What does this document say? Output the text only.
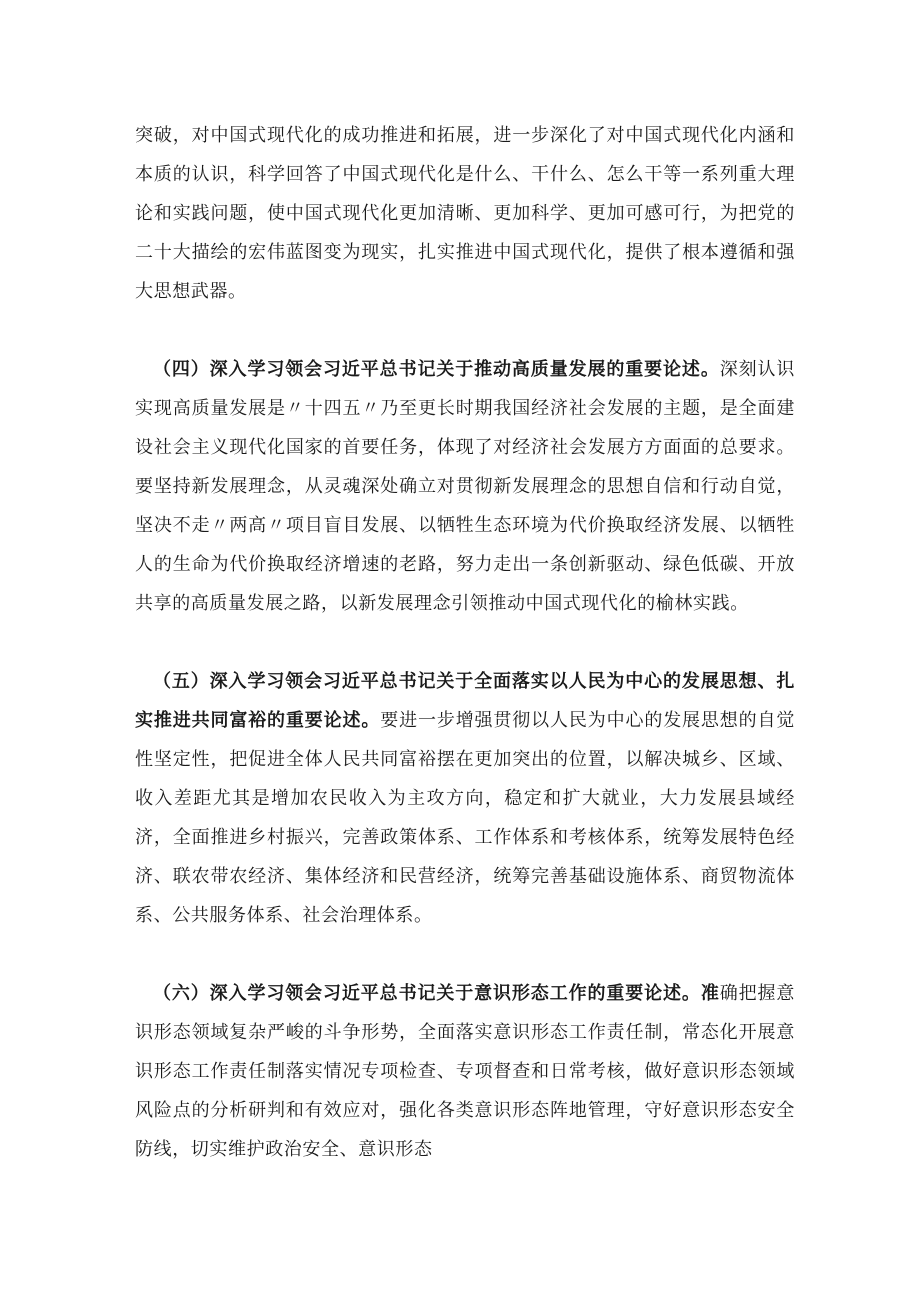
突破，对中国式现代化的成功推进和拓展，进一步深化了对中国式现代化内涵和本质的认识，科学回答了中国式现代化是什么、干什么、怎么干等一系列重大理论和实践问题，使中国式现代化更加清晰、更加科学、更加可感可行，为把党的二十大描绘的宏伟蓝图变为现实，扎实推进中国式现代化，提供了根本遵循和强大思想武器。

（四）深入学习领会习近平总书记关于推动高质量发展的重要论述。深刻认识实现高质量发展是〃十四五〃乃至更长时期我国经济社会发展的主题，是全面建设社会主义现代化国家的首要任务，体现了对经济社会发展方方面面的总要求。要坚持新发展理念，从灵魂深处确立对贯彻新发展理念的思想自信和行动自觉，坚决不走〃两高〃项目盲目发展、以牺牲生态环境为代价换取经济发展、以牺牲人的生命为代价换取经济增速的老路，努力走出一条创新驱动、绿色低碳、开放共享的高质量发展之路，以新发展理念引领推动中国式现代化的榆林实践。

（五）深入学习领会习近平总书记关于全面落实以人民为中心的发展思想、扎实推进共同富裕的重要论述。要进一步增强贯彻以人民为中心的发展思想的自觉性坚定性，把促进全体人民共同富裕摆在更加突出的位置，以解决城乡、区域、收入差距尤其是增加农民收入为主攻方向，稳定和扩大就业，大力发展县域经济，全面推进乡村振兴，完善政策体系、工作体系和考核体系，统筹发展特色经济、联农带农经济、集体经济和民营经济，统筹完善基础设施体系、商贸物流体系、公共服务体系、社会治理体系。

（六）深入学习领会习近平总书记关于意识形态工作的重要论述。准确把握意识形态领域复杂严峻的斗争形势，全面落实意识形态工作责任制，常态化开展意识形态工作责任制落实情况专项检查、专项督查和日常考核，做好意识形态领域风险点的分析研判和有效应对，强化各类意识形态阵地管理，守好意识形态安全防线，切实维护政治安全、意识形态
